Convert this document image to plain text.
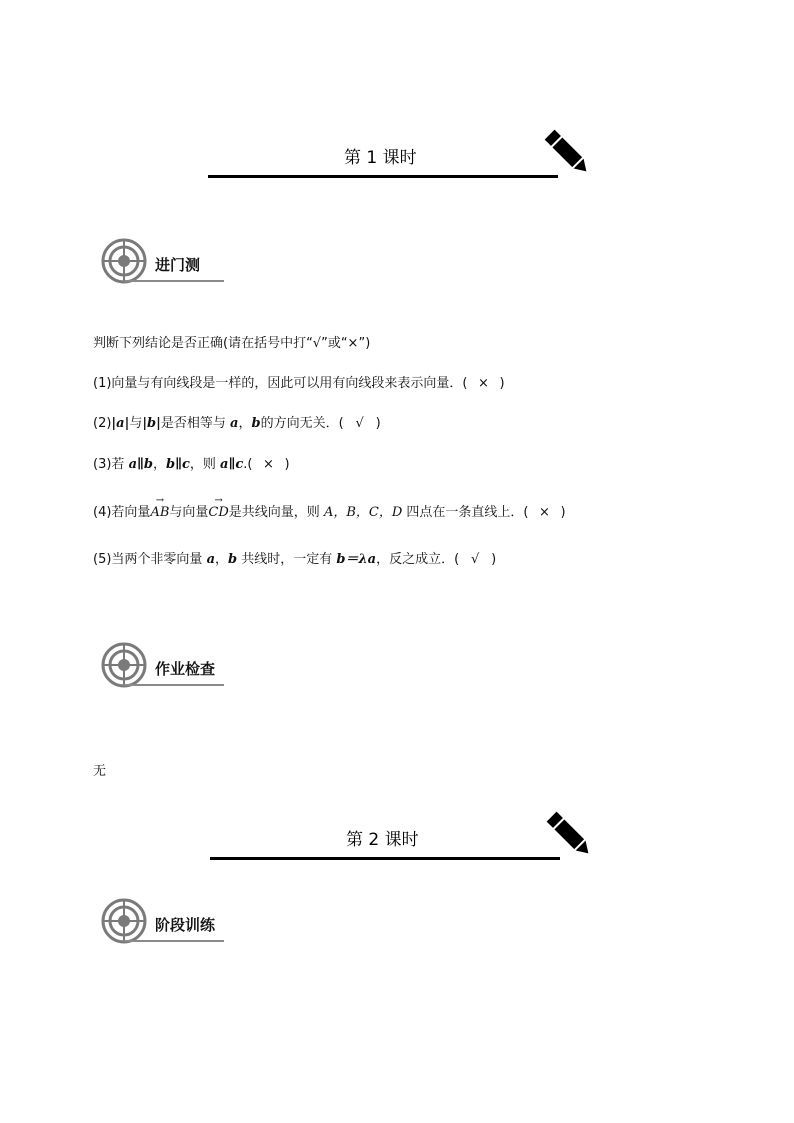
第 1 课时
进门测
判断下列结论是否正确(请在括号中打“√”或“×”)
(1)向量与有向线段是一样的，因此可以用有向线段来表示向量．( × )
(2)|a|与|b|是否相等与 a，b的方向无关．( √ )
(3)若 a∥b，b∥c，则 a∥c.( × )
(4)若向量
→
AB与向量
→
CD是共线向量，则 A，B，C，D 四点在一条直线上．( × )
(5)当两个非零向量 a，b 共线时，一定有 b＝λa，反之成立．( √ )
作业检查
无
第 2 课时
阶段训练
